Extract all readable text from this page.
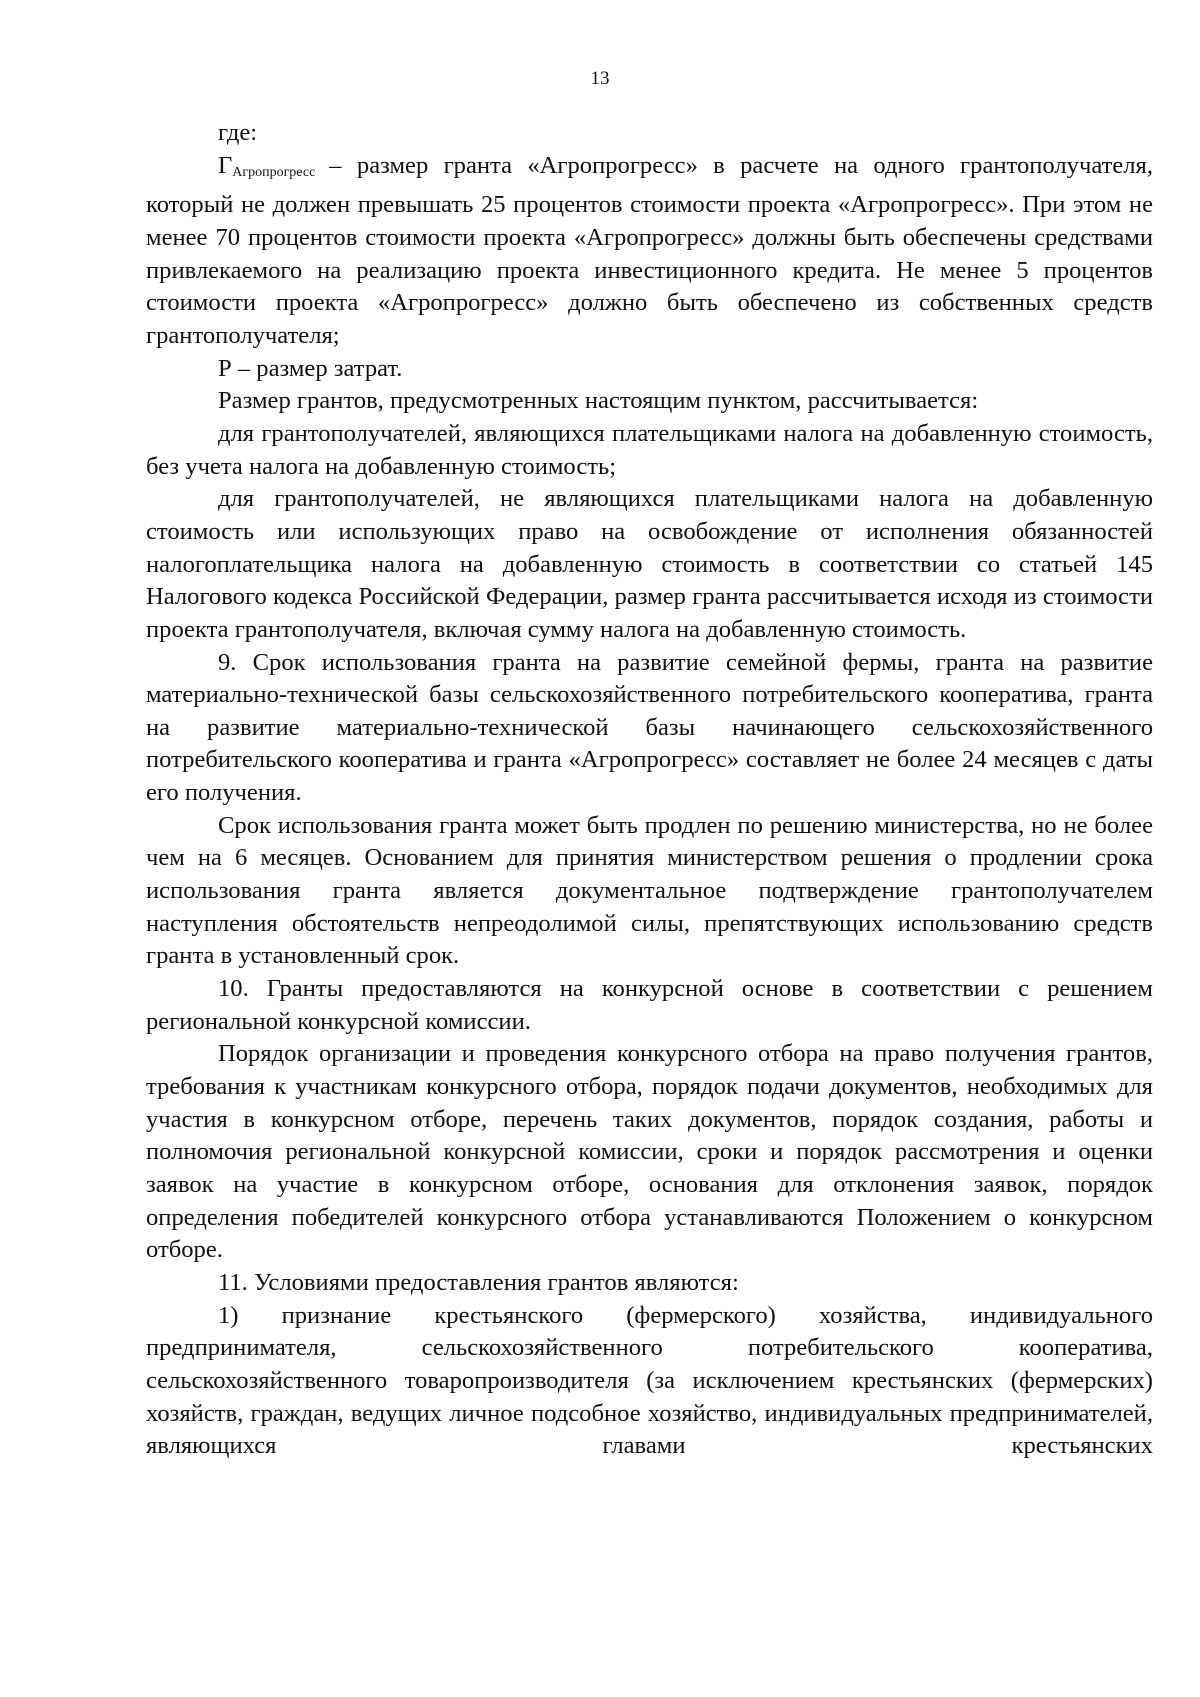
13

где:

$Г_{Агропрогресс}$ – размер гранта «Агропрогресс» в расчете на одного грантополучателя, который не должен превышать 25 процентов стоимости проекта «Агропрогресс». При этом не менее 70 процентов стоимости проекта «Агропрогресс» должны быть обеспечены средствами привлекаемого на реализацию проекта инвестиционного кредита. Не менее 5 процентов стоимости проекта «Агропрогресс» должно быть обеспечено из собственных средств грантополучателя;

Р – размер затрат.

Размер грантов, предусмотренных настоящим пунктом, рассчитывается:

для грантополучателей, являющихся плательщиками налога на добавленную стоимость, без учета налога на добавленную стоимость;

для грантополучателей, не являющихся плательщиками налога на добавленную стоимость или использующих право на освобождение от исполнения обязанностей налогоплательщика налога на добавленную стоимость в соответствии со статьей 145 Налогового кодекса Российской Федерации, размер гранта рассчитывается исходя из стоимости проекта грантополучателя, включая сумму налога на добавленную стоимость.

9. Срок использования гранта на развитие семейной фермы, гранта на развитие материально-технической базы сельскохозяйственного потребительского кооператива, гранта на развитие материально-технической базы начинающего сельскохозяйственного потребительского кооператива и гранта «Агропрогресс» составляет не более 24 месяцев с даты его получения.

Срок использования гранта может быть продлен по решению министерства, но не более чем на 6 месяцев. Основанием для принятия министерством решения о продлении срока использования гранта является документальное подтверждение грантополучателем наступления обстоятельств непреодолимой силы, препятствующих использованию средств гранта в установленный срок.

10. Гранты предоставляются на конкурсной основе в соответствии с решением региональной конкурсной комиссии.

Порядок организации и проведения конкурсного отбора на право получения грантов, требования к участникам конкурсного отбора, порядок подачи документов, необходимых для участия в конкурсном отборе, перечень таких документов, порядок создания, работы и полномочия региональной конкурсной комиссии, сроки и порядок рассмотрения и оценки заявок на участие в конкурсном отборе, основания для отклонения заявок, порядок определения победителей конкурсного отбора устанавливаются Положением о конкурсном отборе.

11. Условиями предоставления грантов являются:

1) признание крестьянского (фермерского) хозяйства, индивидуального предпринимателя, сельскохозяйственного потребительского кооператива, сельскохозяйственного товаропроизводителя (за исключением крестьянских (фермерских) хозяйств, граждан, ведущих личное подсобное хозяйство, индивидуальных предпринимателей, являющихся главами крестьянских
